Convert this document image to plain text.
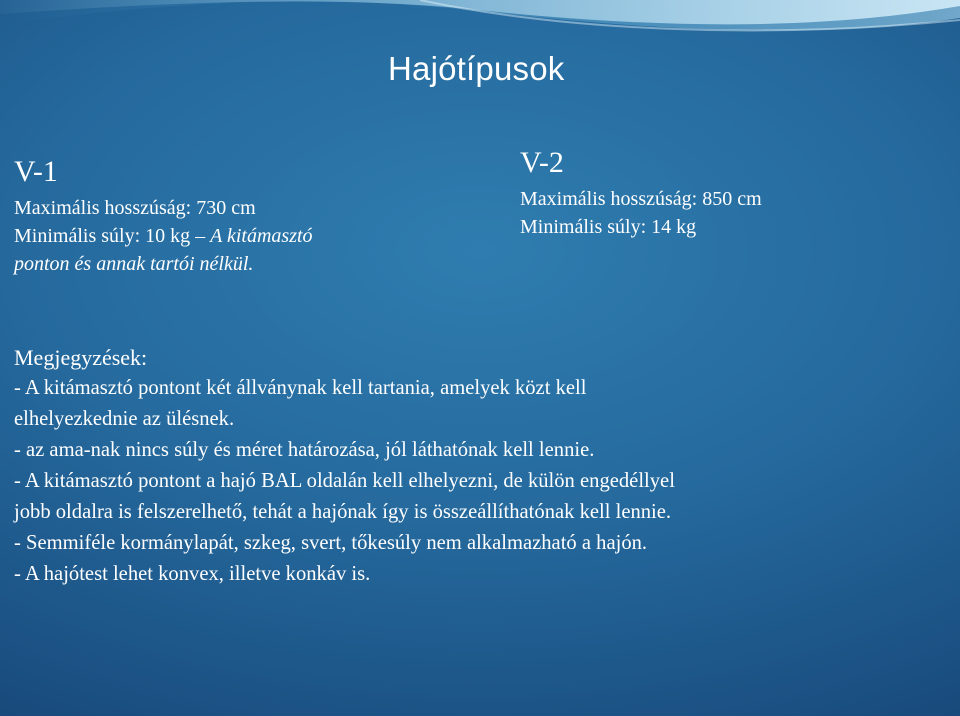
Hajótípusok
V-1
Maximális hosszúság: 730 cm
Minimális súly: 10 kg – A kitámasztó
ponton és annak tartói nélkül.
V-2
Maximális hosszúság: 850 cm
Minimális súly: 14 kg
Megjegyzések:
- A kitámasztó pontont két állványnak kell tartania, amelyek közt kell
elhelyezkednie az ülésnek.
- az ama-nak nincs súly és méret határozása, jól láthatónak kell lennie.
- A kitámasztó pontont a hajó BAL oldalán kell elhelyezni, de külön engedéllyel
jobb oldalra is felszerelhető, tehát a hajónak így is összeállíthatónak kell lennie.
- Semmiféle kormánylapát, szkeg, svert, tőkesúly nem alkalmazható a hajón.
- A hajótest lehet konvex, illetve konkáv is.
